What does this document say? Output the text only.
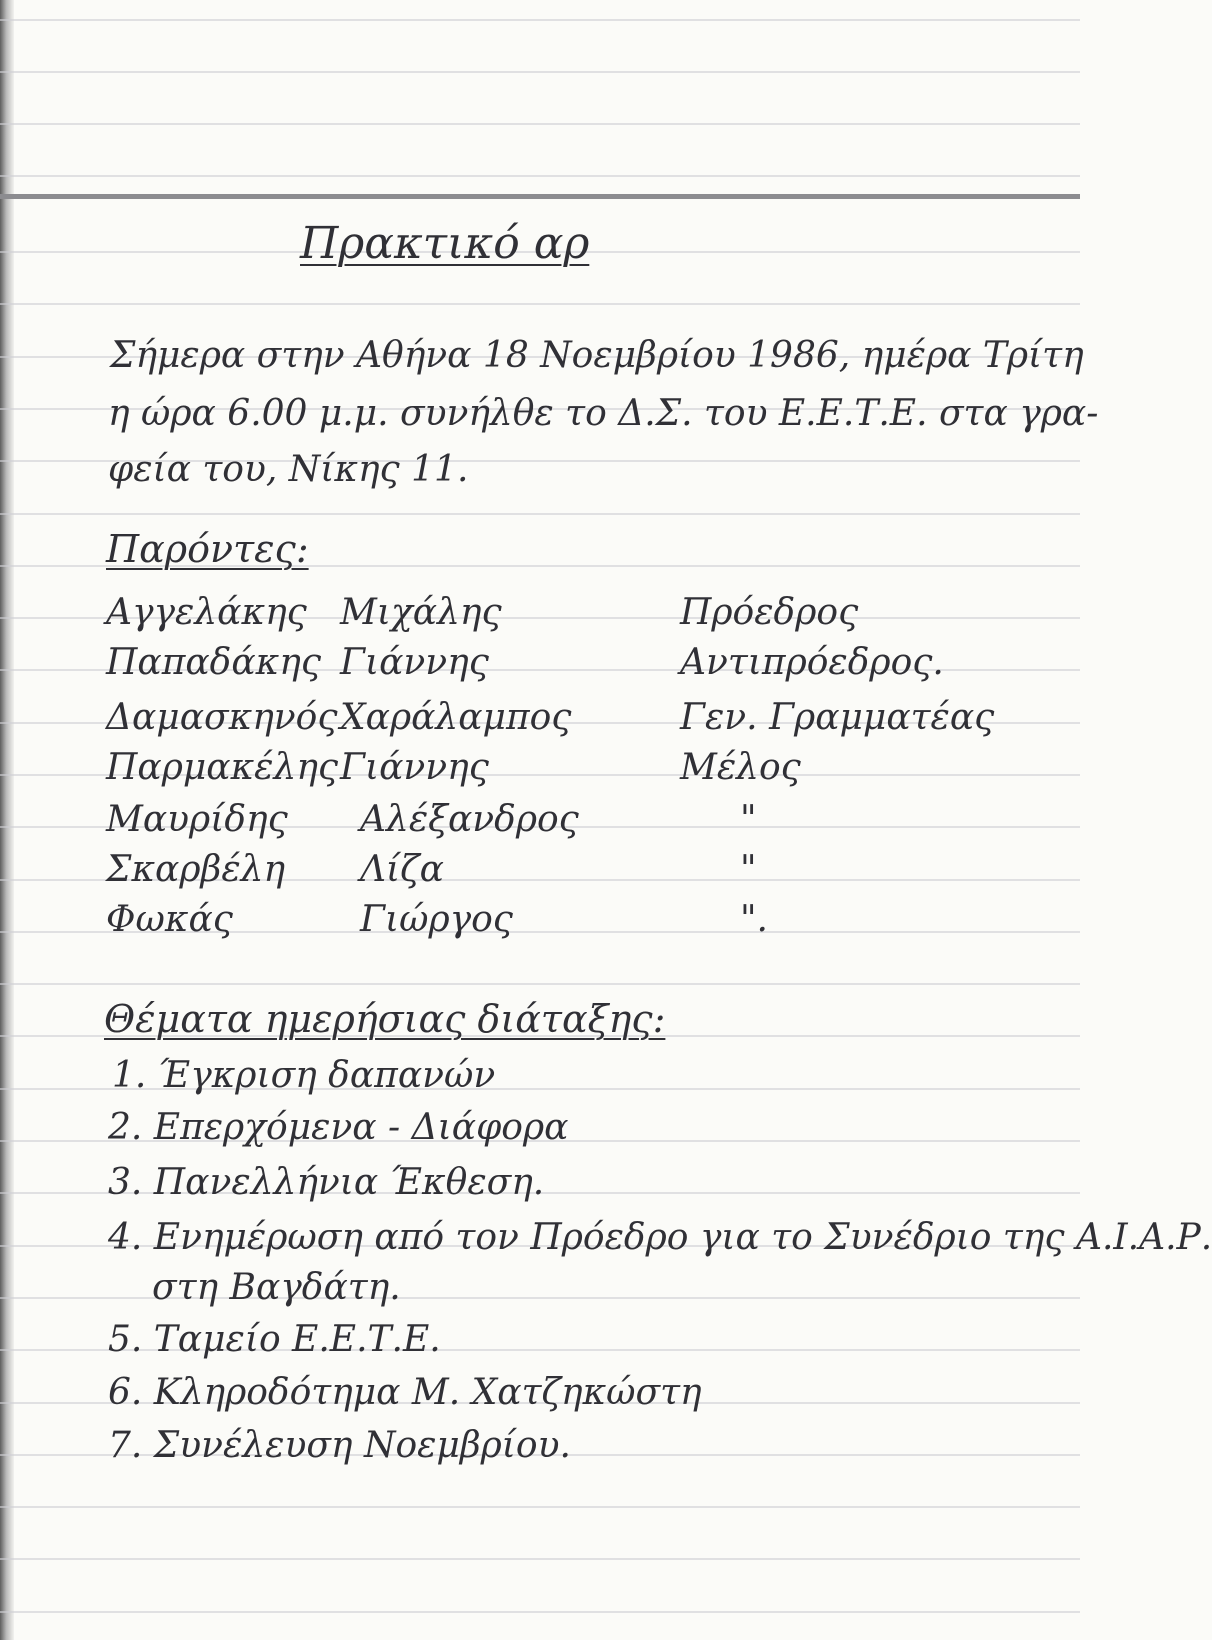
Πρακτικό αρ
Σήμερα στην Αθήνα 18 Νοεμβρίου 1986, ημέρα Τρίτη
η ώρα 6.00 μ.μ. συνήλθε το Δ.Σ. του Ε.Ε.Τ.Ε. στα γρα-
φεία του, Νίκης 11.
Παρόντες:
Αγγελάκης Μιχάλης	Πρόεδρος
Παπαδάκης Γιάννης	Αντιπρόεδρος.
Δαμασκηνός Χαράλαμπος	Γεν. Γραμματέας
Παρμακέλης Γιάννης	Μέλος
Μαυρίδης Αλέξανδρος	"
Σκαρβέλη Λίζα	"
Φωκάς	Γιώργος	".
Θέματα ημερήσιας διάταξης:
1. Έγκριση δαπανών
2. Επερχόμενα - Διάφορα
3. Πανελλήνια Έκθεση.
4. Ενημέρωση από τον Πρόεδρο για το Συνέδριο της Α.Ι.Α.Ρ.
στη Βαγδάτη.
5. Ταμείο Ε.Ε.Τ.Ε.
6. Κληροδότημα Μ. Χατζηκώστη
7. Συνέλευση Νοεμβρίου.
